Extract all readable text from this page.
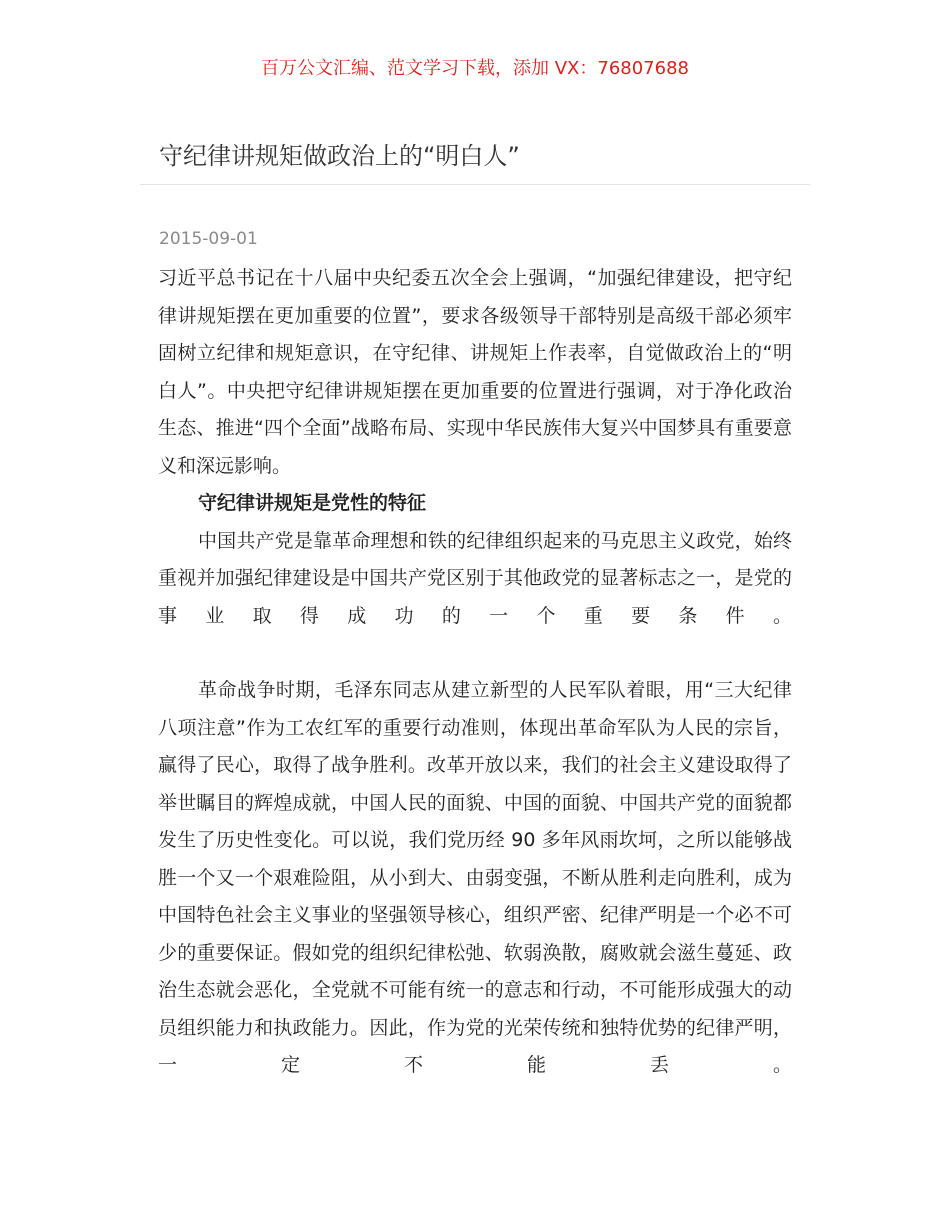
百万公文汇编、范文学习下载，添加 VX：76807688
守纪律讲规矩做政治上的“明白人”
2015-09-01

习近平总书记在十八届中央纪委五次全会上强调，“加强纪律建设，把守纪律讲规矩摆在更加重要的位置”，要求各级领导干部特别是高级干部必须牢固树立纪律和规矩意识，在守纪律、讲规矩上作表率，自觉做政治上的“明白人”。中央把守纪律讲规矩摆在更加重要的位置进行强调，对于净化政治生态、推进“四个全面”战略布局、实现中华民族伟大复兴中国梦具有重要意义和深远影响。

守纪律讲规矩是党性的特征

中国共产党是靠革命理想和铁的纪律组织起来的马克思主义政党，始终重视并加强纪律建设是中国共产党区别于其他政党的显著标志之一，是党的事业取得成功的一个重要条件。

革命战争时期，毛泽东同志从建立新型的人民军队着眼，用“三大纪律八项注意”作为工农红军的重要行动准则，体现出革命军队为人民的宗旨，赢得了民心，取得了战争胜利。改革开放以来，我们的社会主义建设取得了举世瞩目的辉煌成就，中国人民的面貌、中国的面貌、中国共产党的面貌都发生了历史性变化。可以说，我们党历经 90 多年风雨坎坷，之所以能够战胜一个又一个艰难险阻，从小到大、由弱变强，不断从胜利走向胜利，成为中国特色社会主义事业的坚强领导核心，组织严密、纪律严明是一个必不可少的重要保证。假如党的组织纪律松弛、软弱涣散，腐败就会滋生蔓延、政治生态就会恶化，全党就不可能有统一的意志和行动，不可能形成强大的动员组织能力和执政能力。因此，作为党的光荣传统和独特优势的纪律严明，一定不能丢。
